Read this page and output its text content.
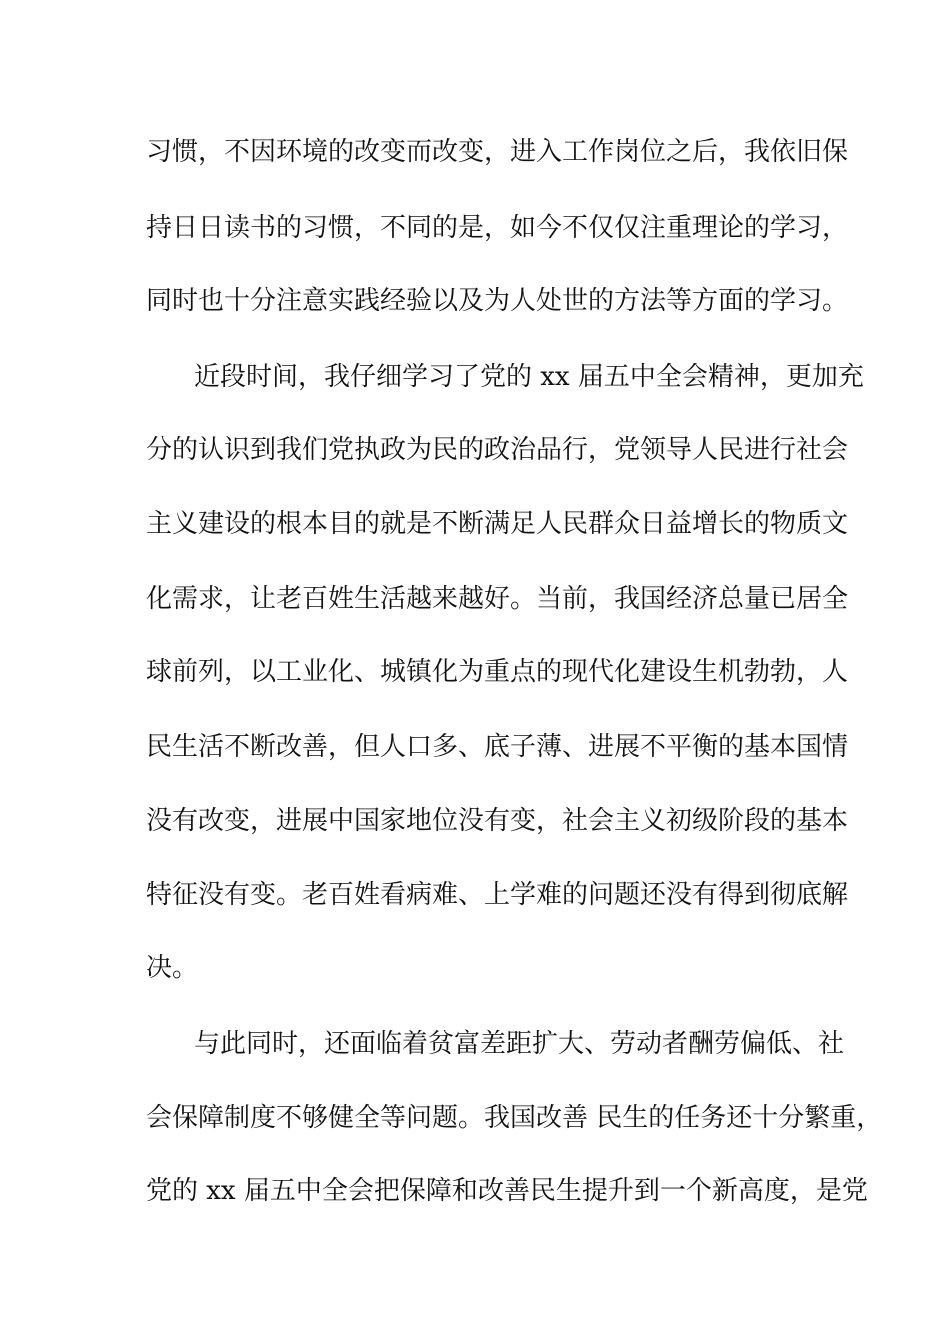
习惯，不因环境的改变而改变，进入工作岗位之后，我依旧保
持日日读书的习惯，不同的是，如今不仅仅注重理论的学习，
同时也十分注意实践经验以及为人处世的方法等方面的学习。
近段时间，我仔细学习了党的 xx 届五中全会精神，更加充
分的认识到我们党执政为民的政治品行，党领导人民进行社会
主义建设的根本目的就是不断满足人民群众日益增长的物质文
化需求，让老百姓生活越来越好。当前，我国经济总量已居全
球前列，以工业化、城镇化为重点的现代化建设生机勃勃，人
民生活不断改善，但人口多、底子薄、进展不平衡的基本国情
没有改变，进展中国家地位没有变，社会主义初级阶段的基本
特征没有变。老百姓看病难、上学难的问题还没有得到彻底解
决。
与此同时，还面临着贫富差距扩大、劳动者酬劳偏低、社
会保障制度不够健全等问题。我国改善 民生的任务还十分繁重，
党的 xx 届五中全会把保障和改善民生提升到一个新高度，是党
